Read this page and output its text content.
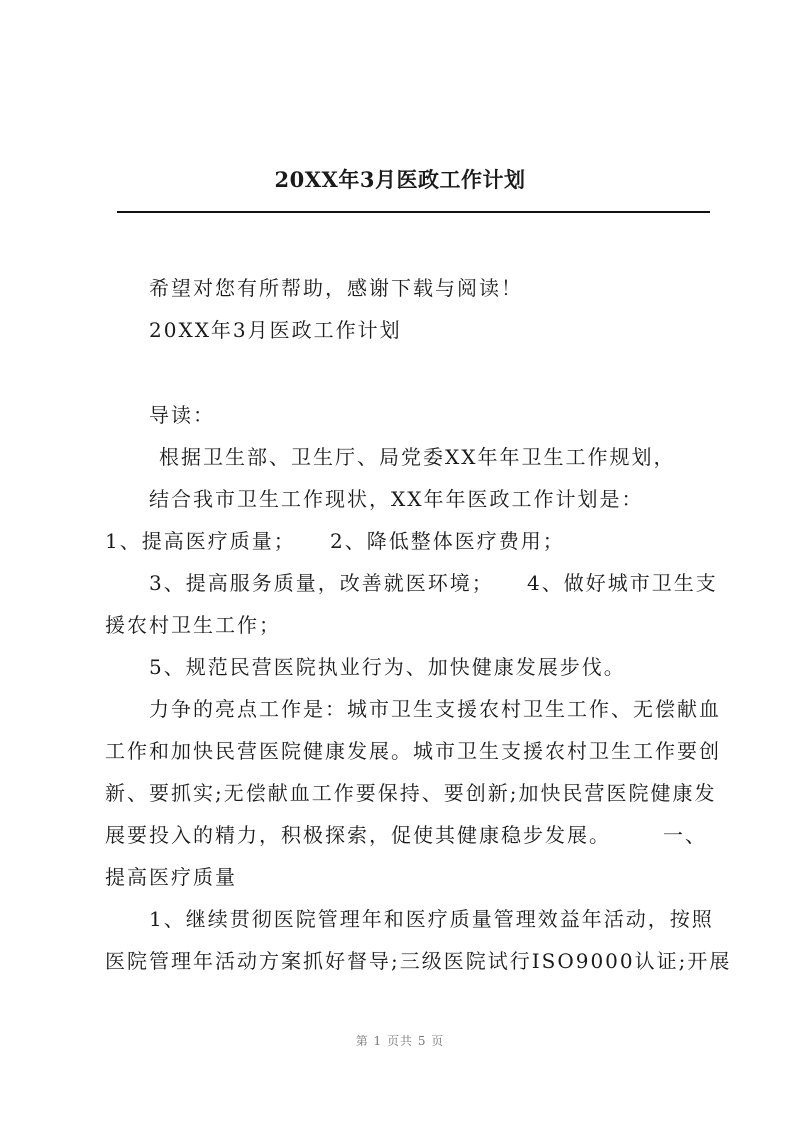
20XX年3月医政工作计划
希望对您有所帮助，感谢下载与阅读！
20XX年3月医政工作计划
导读：
根据卫生部、卫生厅、局党委XX年年卫生工作规划，
结合我市卫生工作现状，XX年年医政工作计划是：
1、提高医疗质量； 2、降低整体医疗费用；
3、提高服务质量，改善就医环境； 4、做好城市卫生支
援农村卫生工作；
5、规范民营医院执业行为、加快健康发展步伐。
力争的亮点工作是：城市卫生支援农村卫生工作、无偿献血
工作和加快民营医院健康发展。城市卫生支援农村卫生工作要创
新、要抓实;无偿献血工作要保持、要创新;加快民营医院健康发
展要投入的精力，积极探索，促使其健康稳步发展。	一、
提高医疗质量
1、继续贯彻医院管理年和医疗质量管理效益年活动，按照
医院管理年活动方案抓好督导;三级医院试行ISO9000认证;开展
第 1 页共 5 页
